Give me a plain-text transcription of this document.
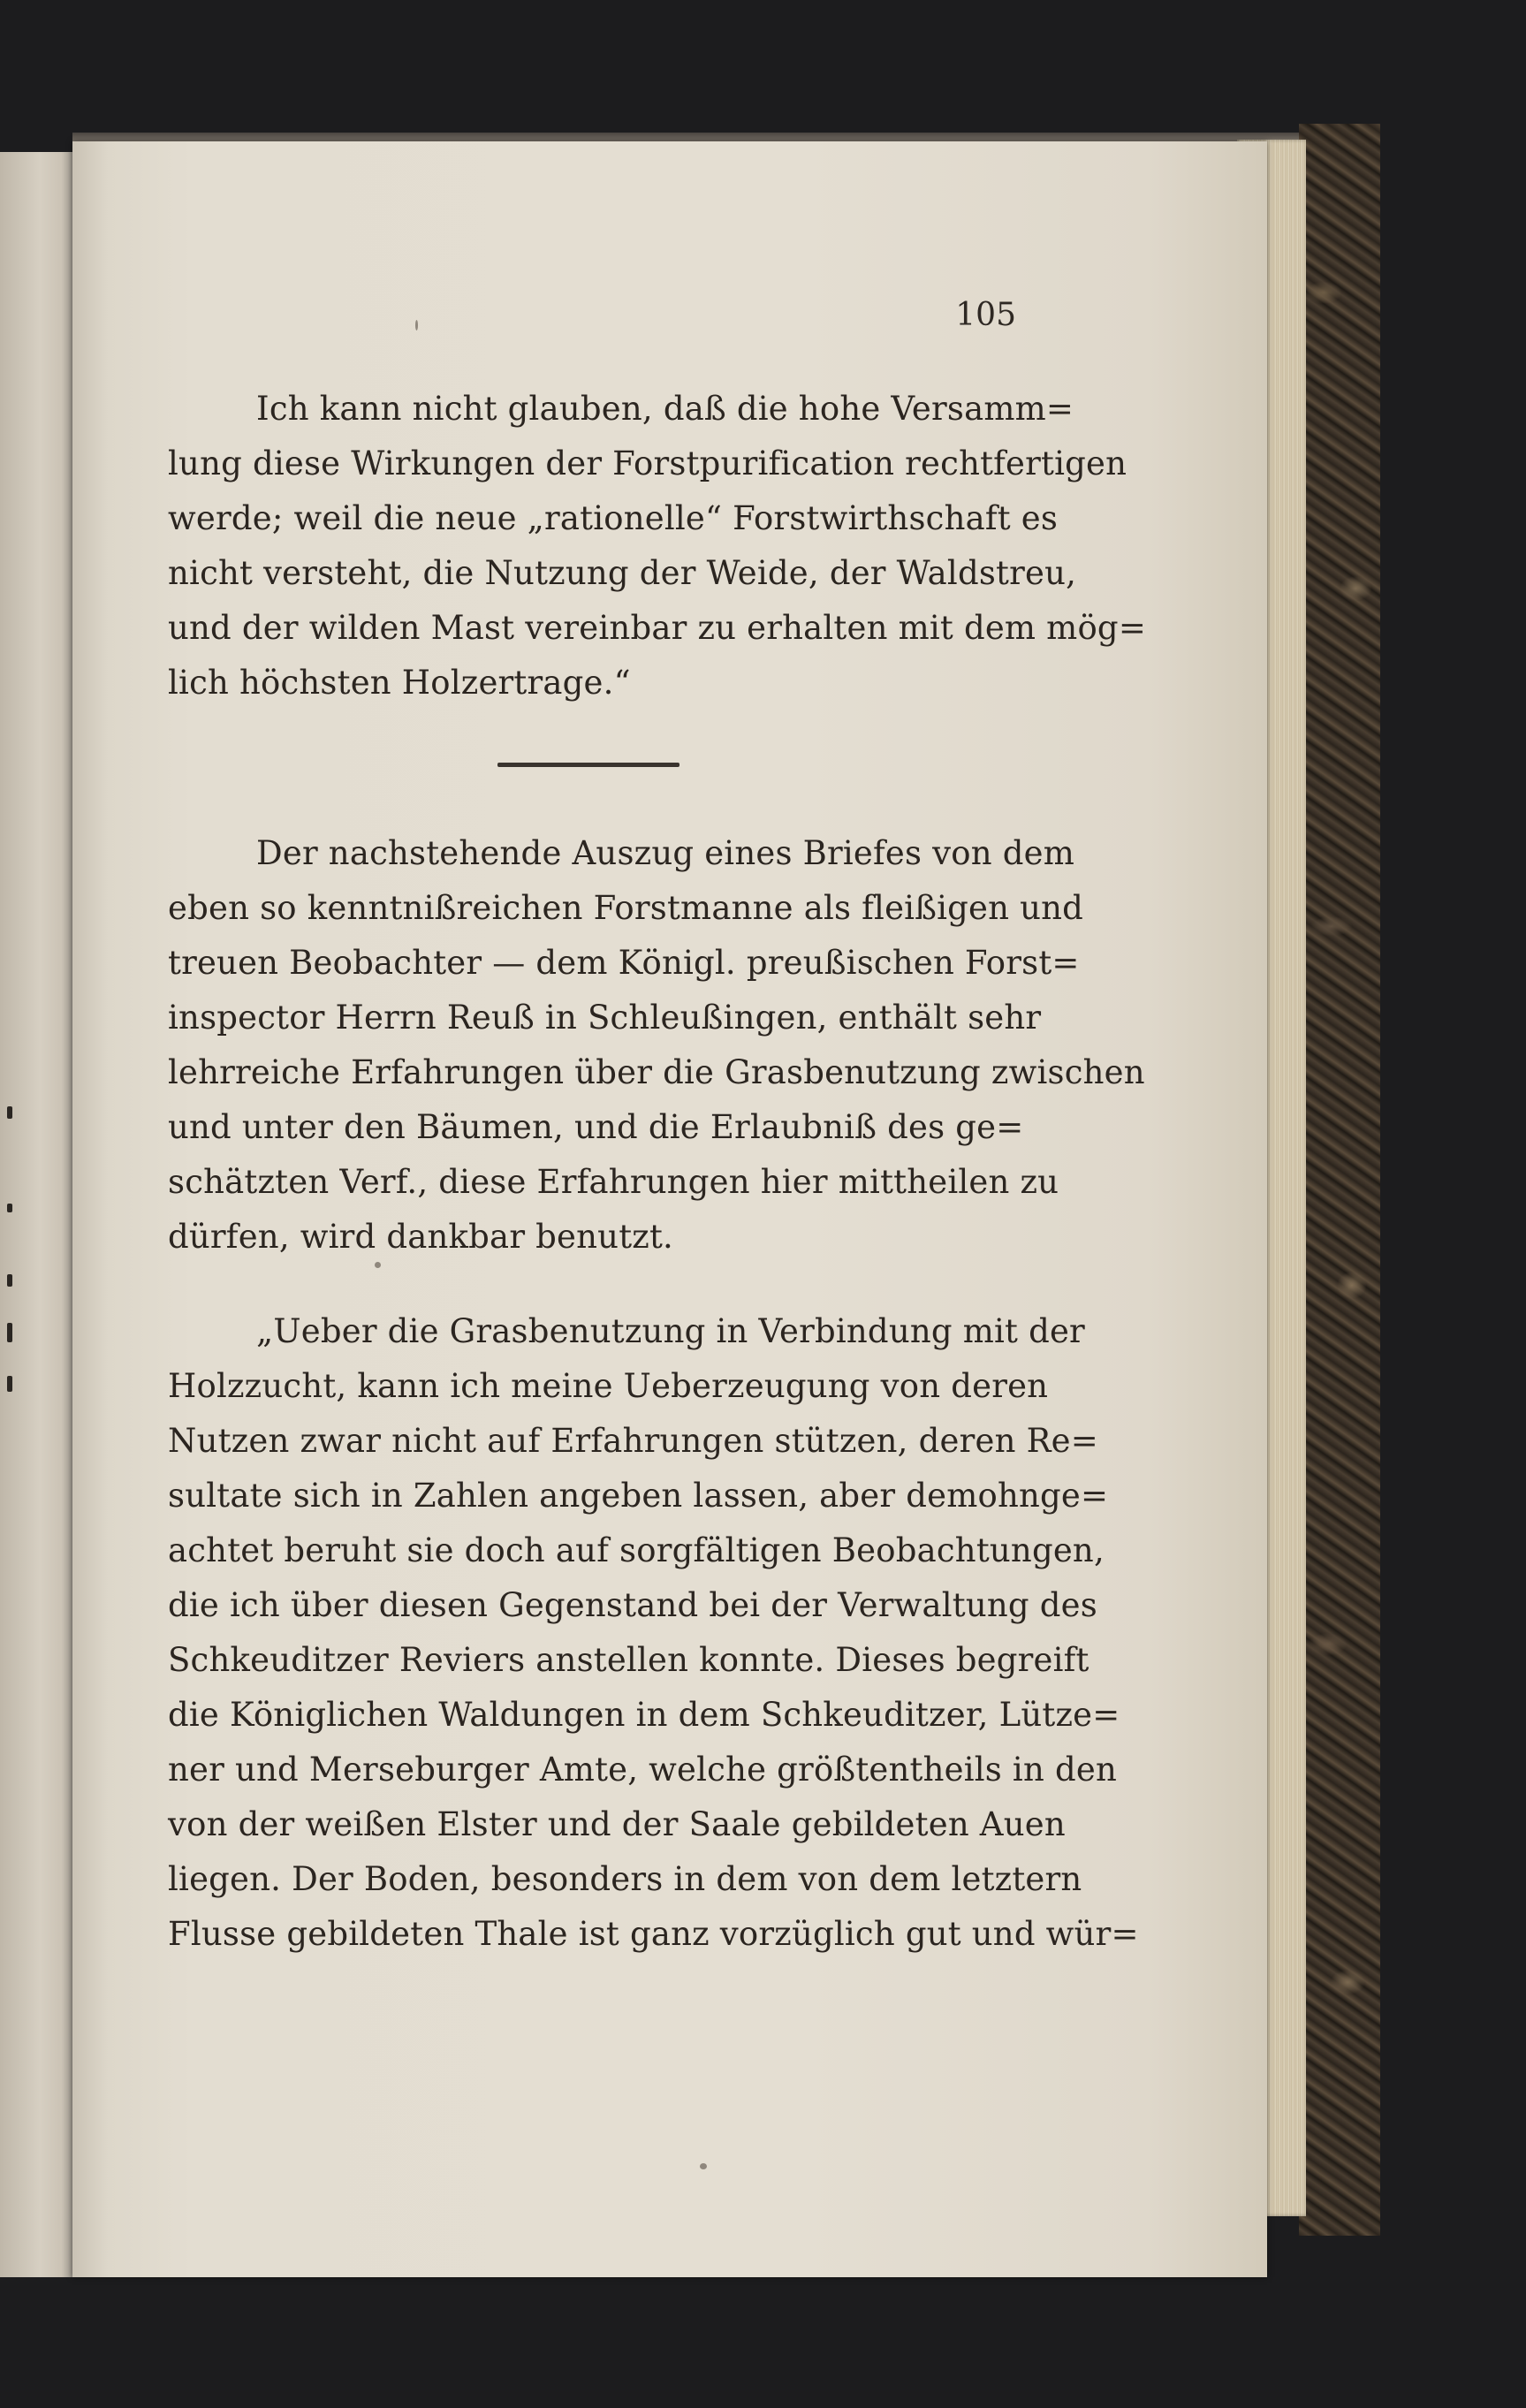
105
Ich kann nicht glauben, daß die hohe Versamm=
lung diese Wirkungen der Forstpurification rechtfertigen
werde; weil die neue „rationelle“ Forstwirthschaft es
nicht versteht, die Nutzung der Weide, der Waldstreu,
und der wilden Mast vereinbar zu erhalten mit dem mög=
lich höchsten Holzertrage.“
Der nachstehende Auszug eines Briefes von dem
eben so kenntnißreichen Forstmanne als fleißigen und
treuen Beobachter — dem Königl. preußischen Forst=
inspector Herrn Reuß in Schleußingen, enthält sehr
lehrreiche Erfahrungen über die Grasbenutzung zwischen
und unter den Bäumen, und die Erlaubniß des ge=
schätzten Verf., diese Erfahrungen hier mittheilen zu
dürfen, wird dankbar benutzt.
„Ueber die Grasbenutzung in Verbindung mit der
Holzzucht, kann ich meine Ueberzeugung von deren
Nutzen zwar nicht auf Erfahrungen stützen, deren Re=
sultate sich in Zahlen angeben lassen, aber demohnge=
achtet beruht sie doch auf sorgfältigen Beobachtungen,
die ich über diesen Gegenstand bei der Verwaltung des
Schkeuditzer Reviers anstellen konnte. Dieses begreift
die Königlichen Waldungen in dem Schkeuditzer, Lütze=
ner und Merseburger Amte, welche größtentheils in den
von der weißen Elster und der Saale gebildeten Auen
liegen. Der Boden, besonders in dem von dem letztern
Flusse gebildeten Thale ist ganz vorzüglich gut und wür=
